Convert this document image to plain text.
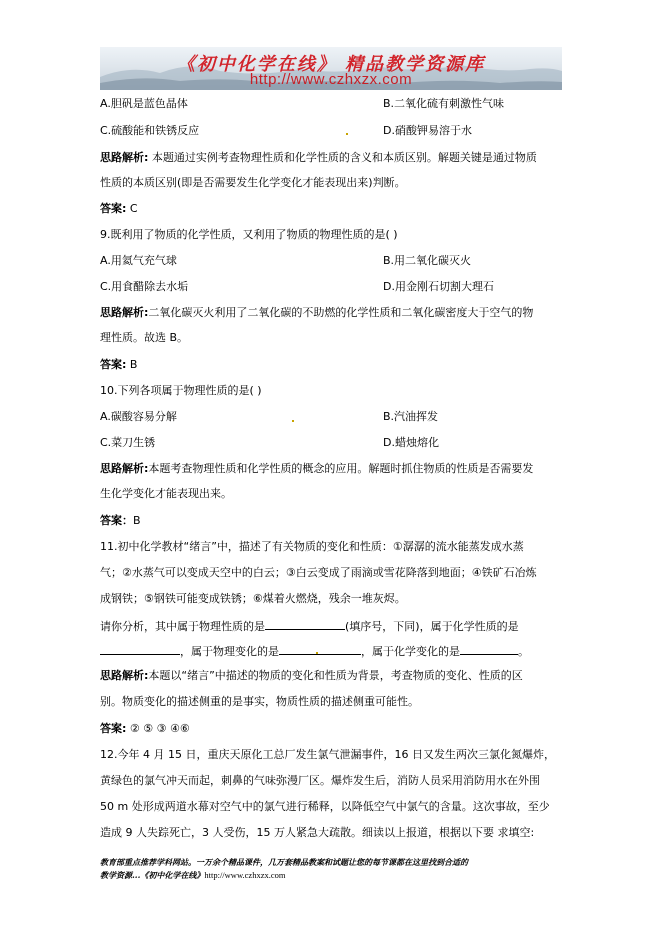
《初中化学在线》 精品教学资源库
http://www.czhxzx.com
A.胆矾是蓝色晶体	B.二氧化硫有刺激性气味
C.硫酸能和铁锈反应	D.硝酸钾易溶于水
思路解析: 本题通过实例考查物理性质和化学性质的含义和本质区别。解题关键是通过物质
性质的本质区别(即是否需要发生化学变化才能表现出来)判断。
答案: C
9.既利用了物质的化学性质，又利用了物质的物理性质的是( )
A.用氦气充气球	B.用二氧化碳灭火
C.用食醋除去水垢	D.用金刚石切割大理石
思路解析:二氧化碳灭火利用了二氧化碳的不助燃的化学性质和二氧化碳密度大于空气的物
理性质。故选 B。
答案: B
10.下列各项属于物理性质的是( )
A.碳酸容易分解	B.汽油挥发
C.菜刀生锈	D.蜡烛熔化
思路解析:本题考查物理性质和化学性质的概念的应用。解题时抓住物质的性质是否需要发
生化学变化才能表现出来。
答案：B
11.初中化学教材“绪言”中，描述了有关物质的变化和性质：①潺潺的流水能蒸发成水蒸
气；②水蒸气可以变成天空中的白云；③白云变成了雨滴或雪花降落到地面；④铁矿石冶炼
成钢铁；⑤钢铁可能变成铁锈；⑥煤着火燃烧，残余一堆灰烬。
请你分析，其中属于物理性质的是	(填序号，下同)，属于化学性质的是
，属于物理变化的是	，属于化学变化的是	。
思路解析:本题以“绪言”中描述的物质的变化和性质为背景，考查物质的变化、性质的区
别。物质变化的描述侧重的是事实，物质性质的描述侧重可能性。
答案: ② ⑤ ③ ④⑥
12.今年 4 月 15 日，重庆天原化工总厂发生氯气泄漏事件，16 日又发生两次三氯化氮爆炸，
黄绿色的氯气冲天而起，刺鼻的气味弥漫厂区。爆炸发生后，消防人员采用消防用水在外围
50 m 处形成两道水幕对空气中的氯气进行稀释，以降低空气中氯气的含量。这次事故，至少
造成 9 人失踪死亡，3 人受伤，15 万人紧急大疏散。细读以上报道，根据以下要 求填空:
教育部重点推荐学科网站。一万余个精品课件，几万套精品教案和试题让您的每节课都在这里找到合适的
教学资源...《初中化学在线》http://www.czhxzx.com
